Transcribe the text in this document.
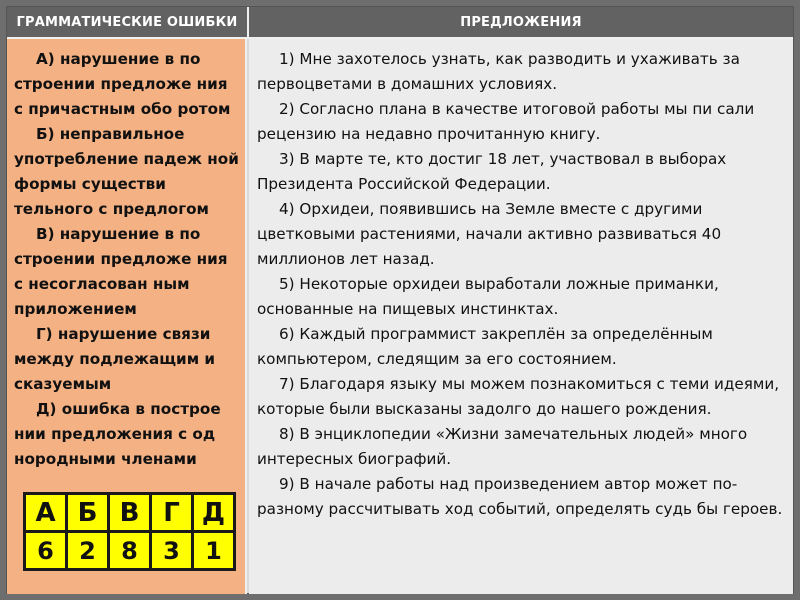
ГРАММАТИЧЕСКИЕ ОШИБКИ	ПРЕДЛОЖЕНИЯ

А) нарушение в по строении предложе ния с причастным обо ротом

Б) неправильное употребление падеж ной формы существи тельного с предлогом

В) нарушение в по строении предложе ния с несогласован ным приложением

Г) нарушение связи между подлежащим и сказуемым

Д) ошибка в построе нии предложения с од нородными членами

1) Мне захотелось узнать, как разводить и ухаживать за первоцветами в домашних условиях.

2) Согласно плана в качестве итоговой работы мы пи сали рецензию на недавно прочитанную книгу.

3) В марте те, кто достиг 18 лет, участвовал в выборах Президента Российской Федерации.

4) Орхидеи, появившись на Земле вместе с другими цветковыми растениями, начали активно развиваться 40 миллионов лет назад.

5) Некоторые орхидеи выработали ложные приманки, основанные на пищевых инстинктах.

6) Каждый программист закреплён за определённым компьютером, следящим за его состоянием.

7) Благодаря языку мы можем познакомиться с теми идеями, которые были высказаны задолго до нашего рождения.

8) В энциклопедии «Жизни замечательных людей» много интересных биографий.

9) В начале работы над произведением автор может по-разному рассчитывать ход событий, определять судь бы героев.

А	Б	В	Г	Д
6	2	8	3	1
